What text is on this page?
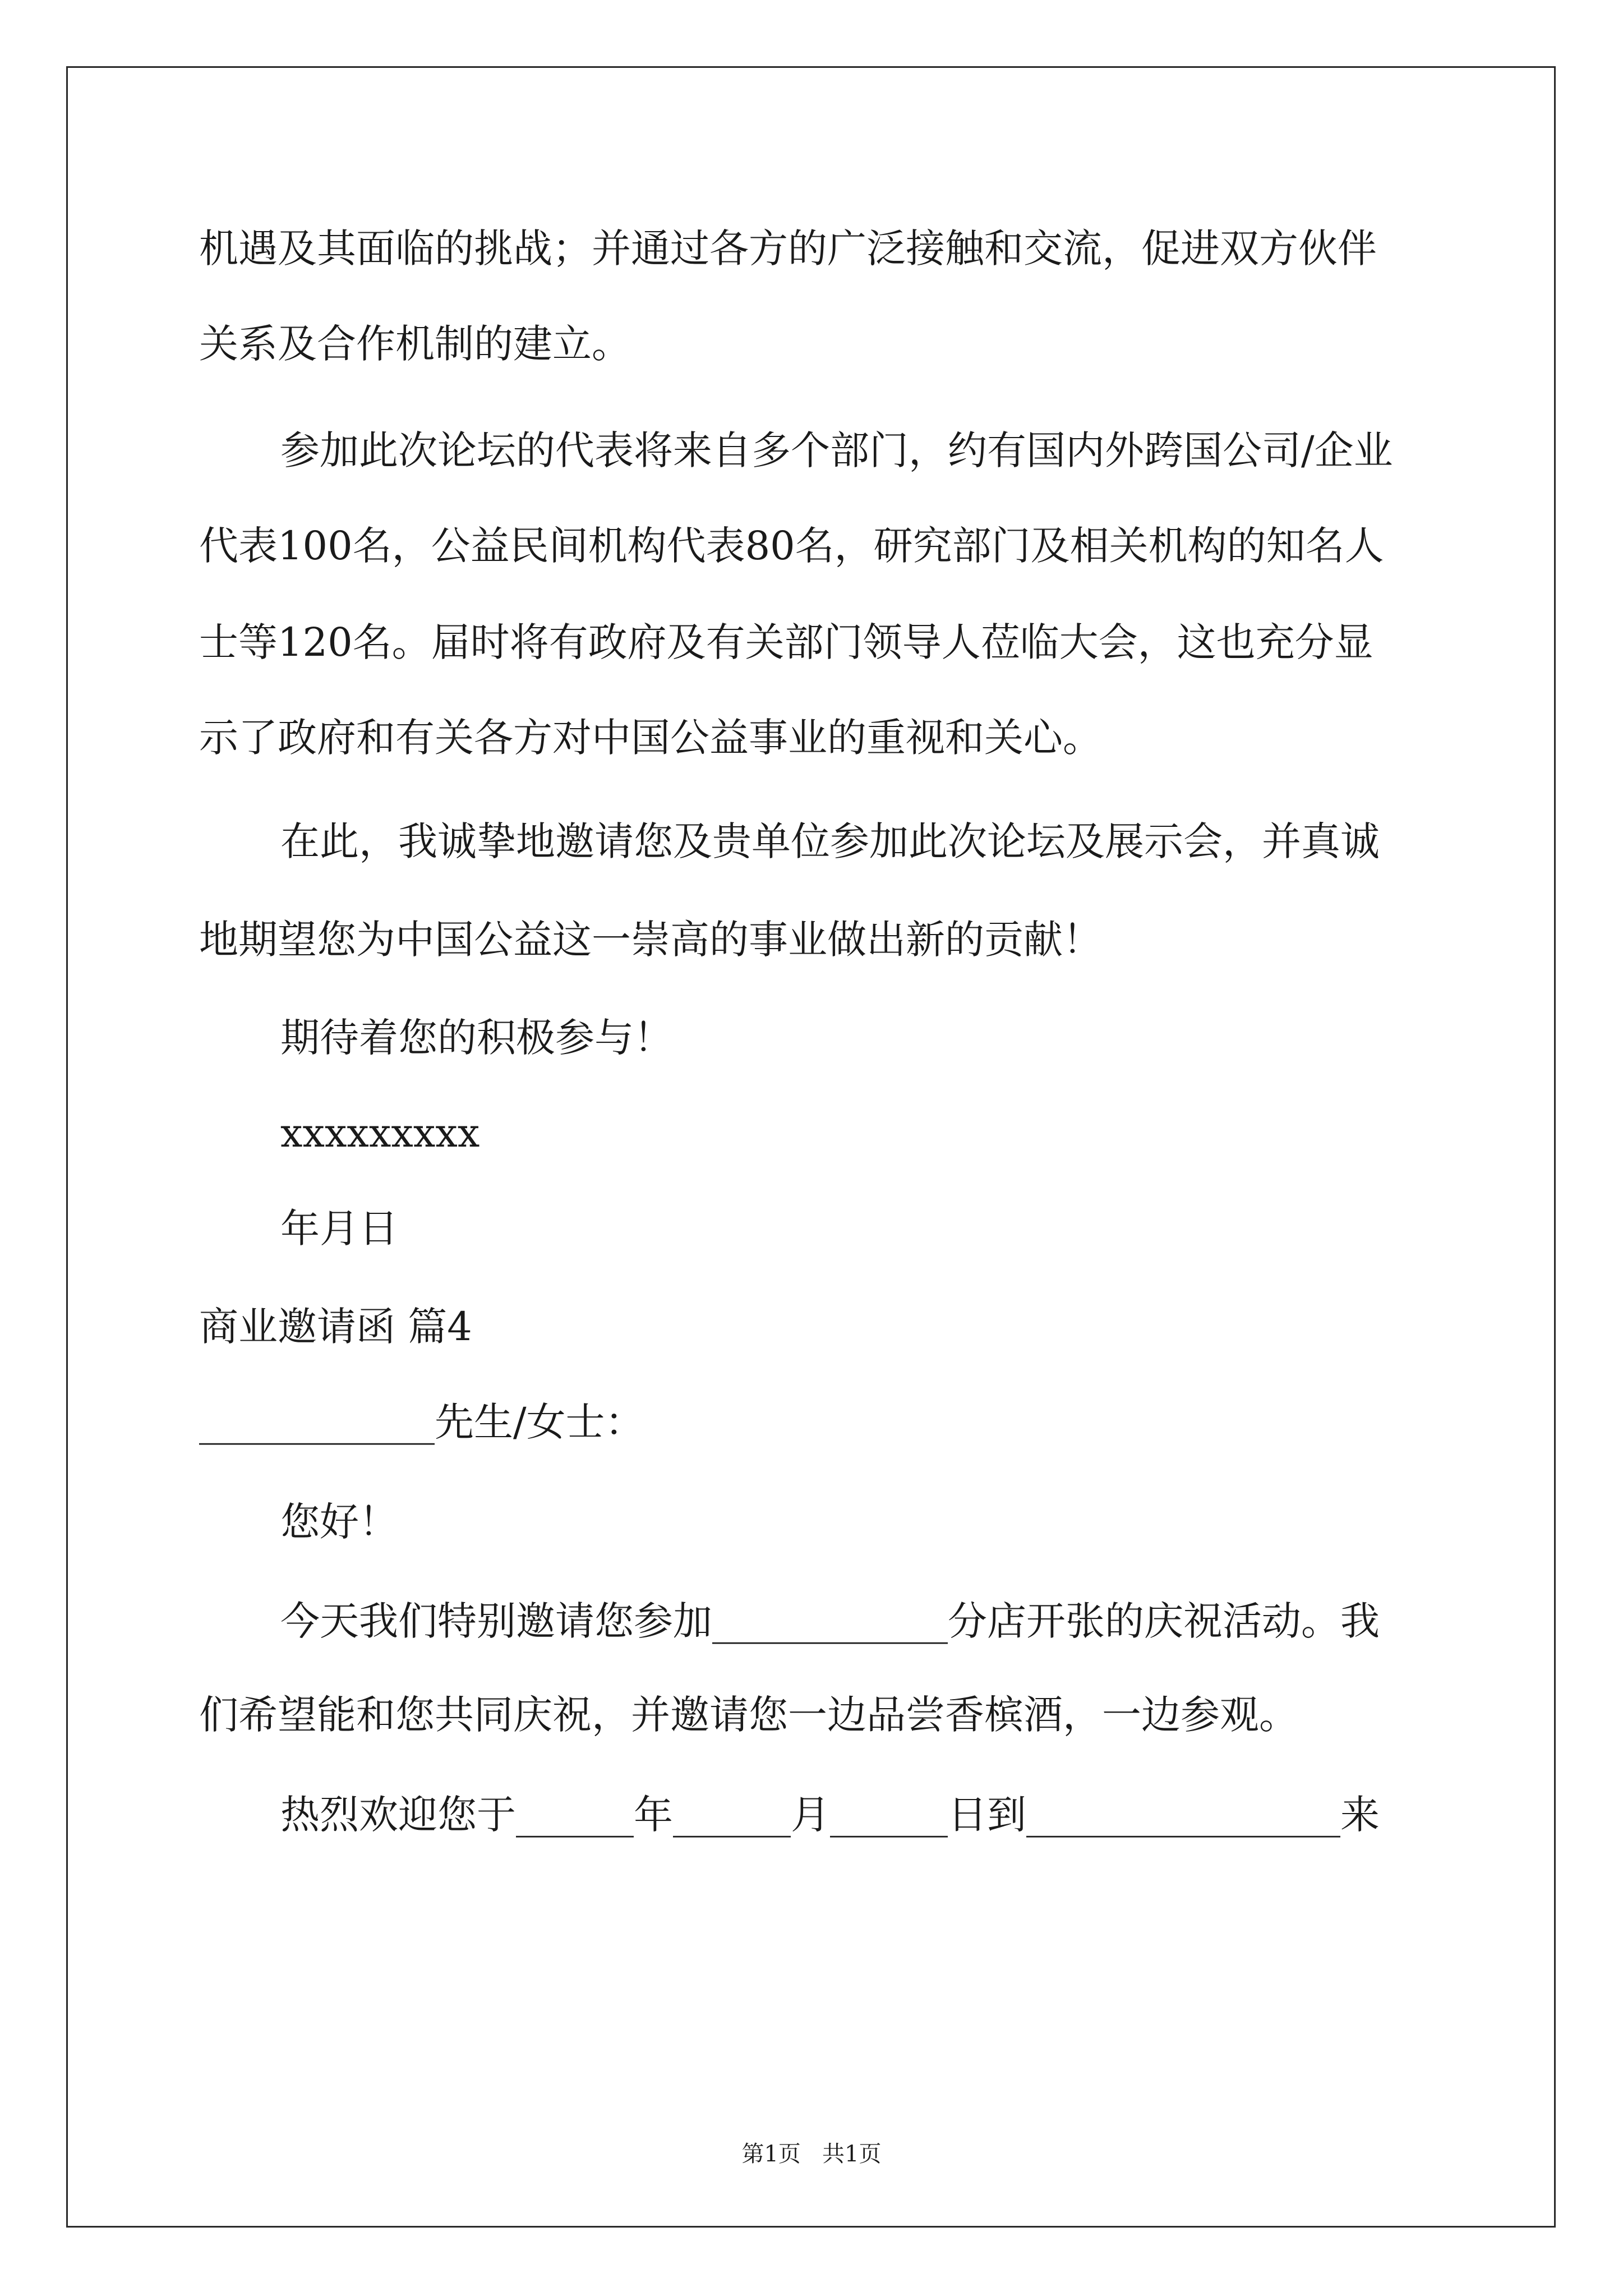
机遇及其面临的挑战；并通过各方的广泛接触和交流，促进双方伙伴
关系及合作机制的建立。
参加此次论坛的代表将来自多个部门，约有国内外跨国公司/企业
代表100名，公益民间机构代表80名，研究部门及相关机构的知名人
士等120名。届时将有政府及有关部门领导人莅临大会，这也充分显
示了政府和有关各方对中国公益事业的重视和关心。
在此，我诚挚地邀请您及贵单位参加此次论坛及展示会，并真诚
地期望您为中国公益这一崇高的事业做出新的贡献！
期待着您的积极参与！
xxxxxxxxx
年月日
商业邀请函 篇4
____________先生/女士：
您好！
今天我们特别邀请您参加____________分店开张的庆祝活动。我
们希望能和您共同庆祝，并邀请您一边品尝香槟酒，一边参观。
热烈欢迎您于______年______月______日到________________来
第1页   共1页
